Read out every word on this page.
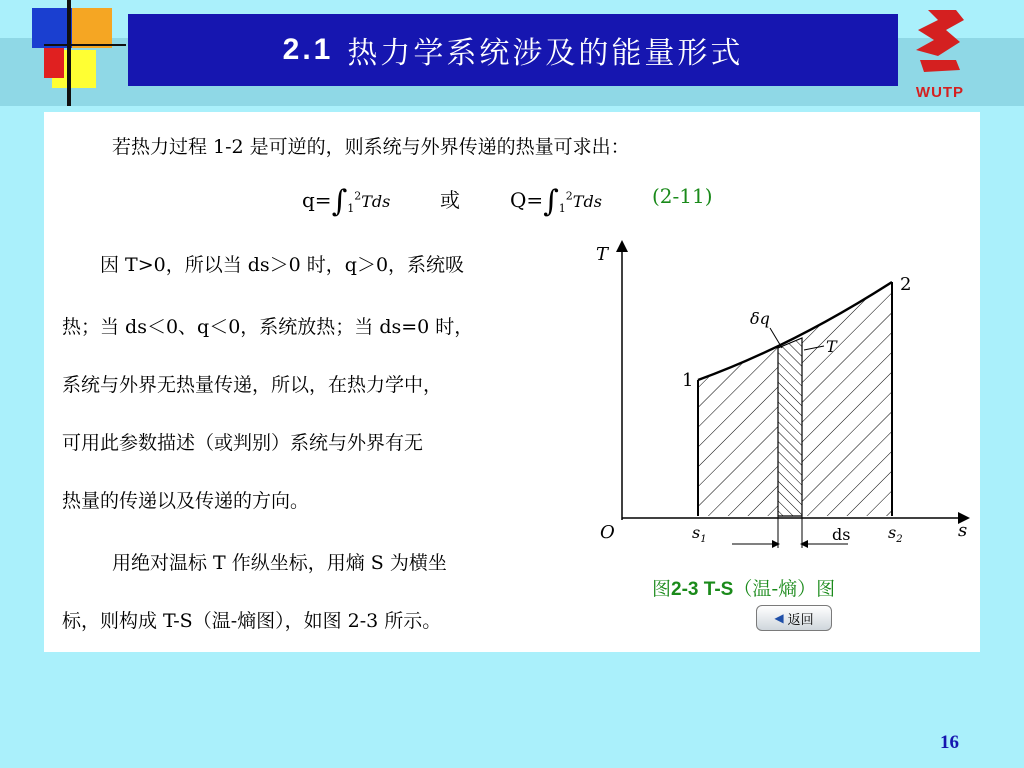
2.1 热力学系统涉及的能量形式
WUTP
若热力过程 1-2 是可逆的，则系统与外界传递的热量可求出：
$q=\int_1^2Tds$ 或	$Q=\int_1^2Tds$	(2-11)
因 T>0，所以当 ds＞0 时，q＞0，系统吸
热；当 ds＜0、q＜0，系统放热；当 ds=0 时，
系统与外界无热量传递，所以，在热力学中，
可用此参数描述（或判别）系统与外界有无
热量的传递以及传递的方向。
用绝对温标 T 作纵坐标，用熵 S 为横坐
标，则构成 T-S（温-熵图），如图 2-3 所示。
T
s
O
1
2
δq
T
$s_1$	$s_2$
ds
图2-3 T-S（温-熵）图
◀ 返回
16
